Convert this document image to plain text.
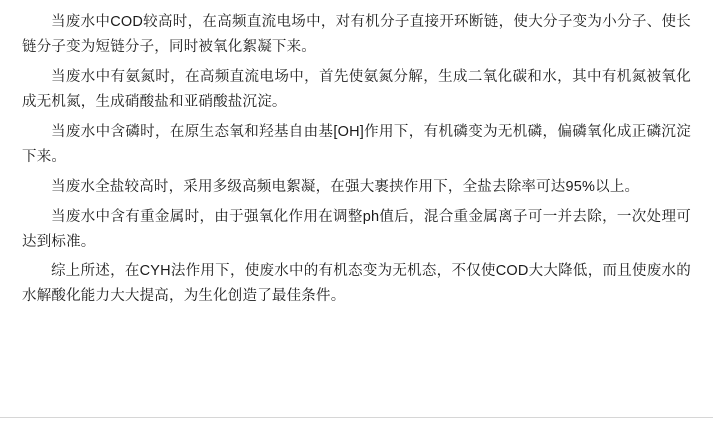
当废水中COD较高时，在高频直流电场中，对有机分子直接开环断链，使大分子变为小分子、使长链分子变为短链分子，同时被氧化絮凝下来。

当废水中有氨氮时，在高频直流电场中，首先使氨氮分解，生成二氧化碳和水，其中有机氮被氧化成无机氮，生成硝酸盐和亚硝酸盐沉淀。

当废水中含磷时，在原生态氧和羟基自由基[OH]作用下，有机磷变为无机磷，偏磷氧化成正磷沉淀下来。

当废水全盐较高时，采用多级高频电絮凝，在强大裹挟作用下，全盐去除率可达95%以上。

当废水中含有重金属时，由于强氧化作用在调整ph值后，混合重金属离子可一并去除，一次处理可达到标准。

综上所述，在CYH法作用下，使废水中的有机态变为无机态，不仅使COD大大降低，而且使废水的水解酸化能力大大提高，为生化创造了最佳条件。
